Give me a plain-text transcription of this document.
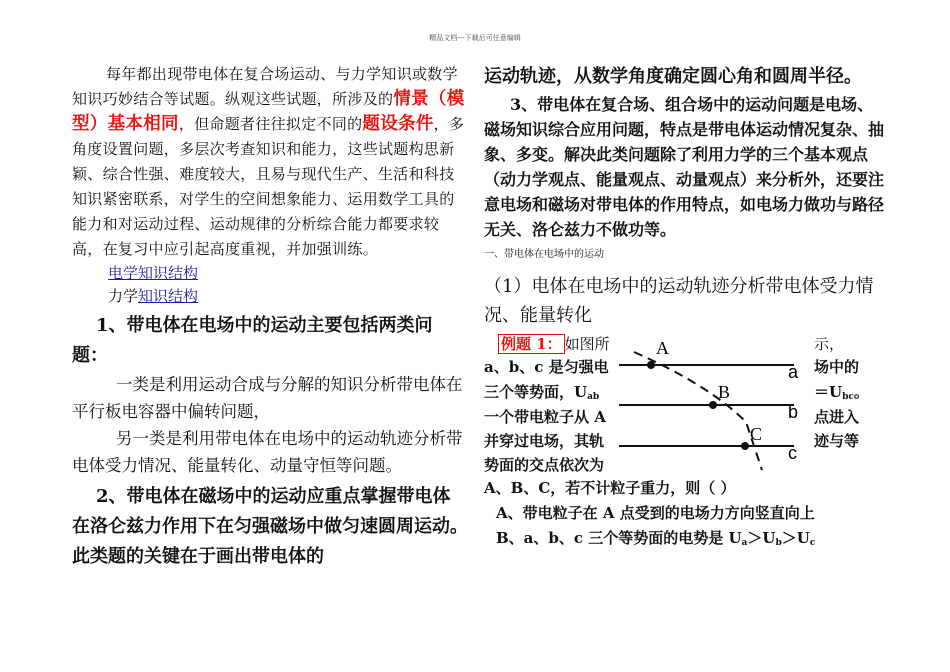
精品文档---下载后可任意编辑

每年都出现带电体在复合场运动、与力学知识或数学知识巧妙结合等试题。纵观这些试题，所涉及的情景（模型）基本相同，但命题者往往拟定不同的题设条件，多角度设置问题，多层次考查知识和能力，这些试题构思新颖、综合性强、难度较大，且易与现代生产、生活和科技知识紧密联系，对学生的空间想象能力、运用数学工具的能力和对运动过程、运动规律的分析综合能力都要求较高，在复习中应引起高度重视，并加强训练。

电学知识结构
力学知识结构

1、带电体在电场中的运动主要包括两类问题：

一类是利用运动合成与分解的知识分析带电体在平行板电容器中偏转问题，

另一类是利用带电体在电场中的运动轨迹分析带电体受力情况、能量转化、动量守恒等问题。

2、带电体在磁场中的运动应重点掌握带电体在洛仑兹力作用下在匀强磁场中做匀速圆周运动。此类题的关键在于画出带电体的

运动轨迹，从数学角度确定圆心角和圆周半径。

3、带电体在复合场、组合场中的运动问题是电场、磁场知识综合应用问题，特点是带电体运动情况复杂、抽象、多变。解决此类问题除了利用力学的三个基本观点（动力学观点、能量观点、动量观点）来分析外，还要注意电场和磁场对带电体的作用特点，如电场力做功与路径无关、洛仑兹力不做功等。

一、带电体在电场中的运动

（1）电体在电场中的运动轨迹分析带电体受力情况、能量转化

A
B
C
a
b
c
例题 1： 如图所	示，
a、b、c 是匀强电	场中的
三个等势面，$U_{ab}$	$=U_{bc}$。
一个带电粒子从 A	点进入
并穿过电场，其轨	迹与等
势面的交点依次为

A、B、C，若不计粒子重力，则（ ）

A、带电粒子在 A 点受到的电场力方向竖直向上

B、a、b、c 三个等势面的电势是 $U_a>U_b>U_c$
